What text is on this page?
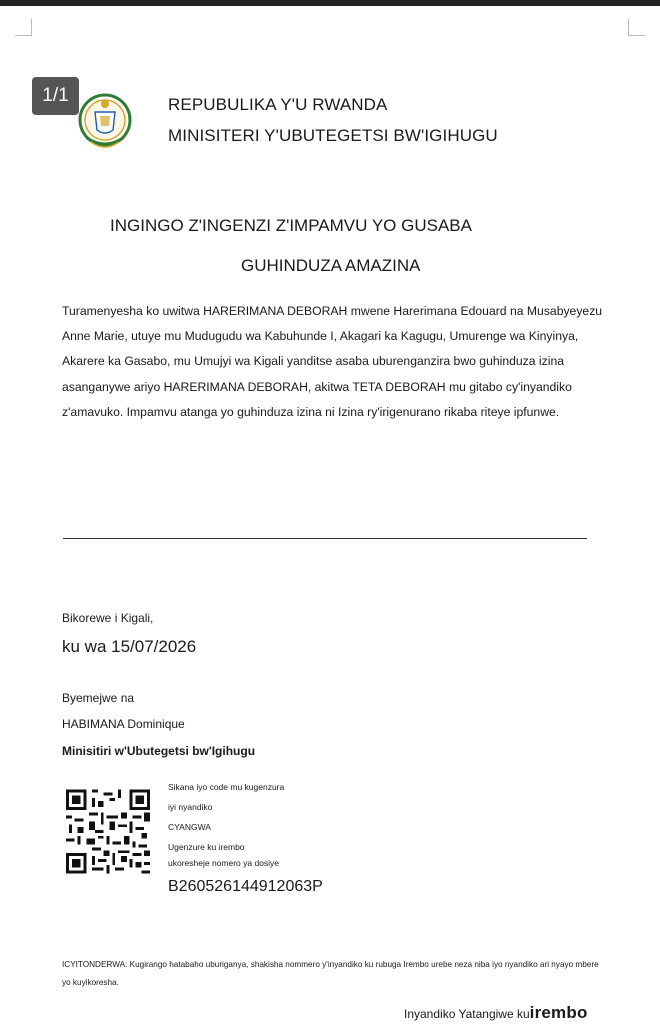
1/1	REPUBULIKA Y'U RWANDA
MINISITERI Y'UBUTEGETSI BW'IGIHUGU
INGINGO Z'INGENZI Z'IMPAMVU YO GUSABA
GUHINDUZA AMAZINA
Turamenyesha ko uwitwa HARERIMANA DEBORAH mwene Harerimana Edouard na Musabyeyezu Anne Marie, utuye mu Mudugudu wa Kabuhunde I, Akagari ka Kagugu, Umurenge wa Kinyinya, Akarere ka Gasabo, mu Umujyi wa Kigali yanditse asaba uburenganzira bwo guhinduza izina asanganywe ariyo HARERIMANA DEBORAH, akitwa TETA DEBORAH mu gitabo cy'inyandiko z'amavuko. Impamvu atanga yo guhinduza izina ni Izina ry'irigenurano rikaba riteye ipfunwe.
Bikorewe i Kigali,
ku wa 15/07/2026
Byemejwe na
HABIMANA Dominique
Minisitiri w'Ubutegetsi bw'Igihugu
Sikana iyo code mu kugenzura
iyi nyandiko
CYANGWA
Ugenzure ku irembo
ukoresheje nomero ya dosiye
B260526144912063P
ICYITONDERWA: Kugirango hatabaho uburiganya, shakisha nommero y'inyandiko ku rubuga Irembo urebe neza niba iyo nyandiko ari nyayo mbere yo kuyikoresha.
Inyandiko Yatangiwe kuirembo
